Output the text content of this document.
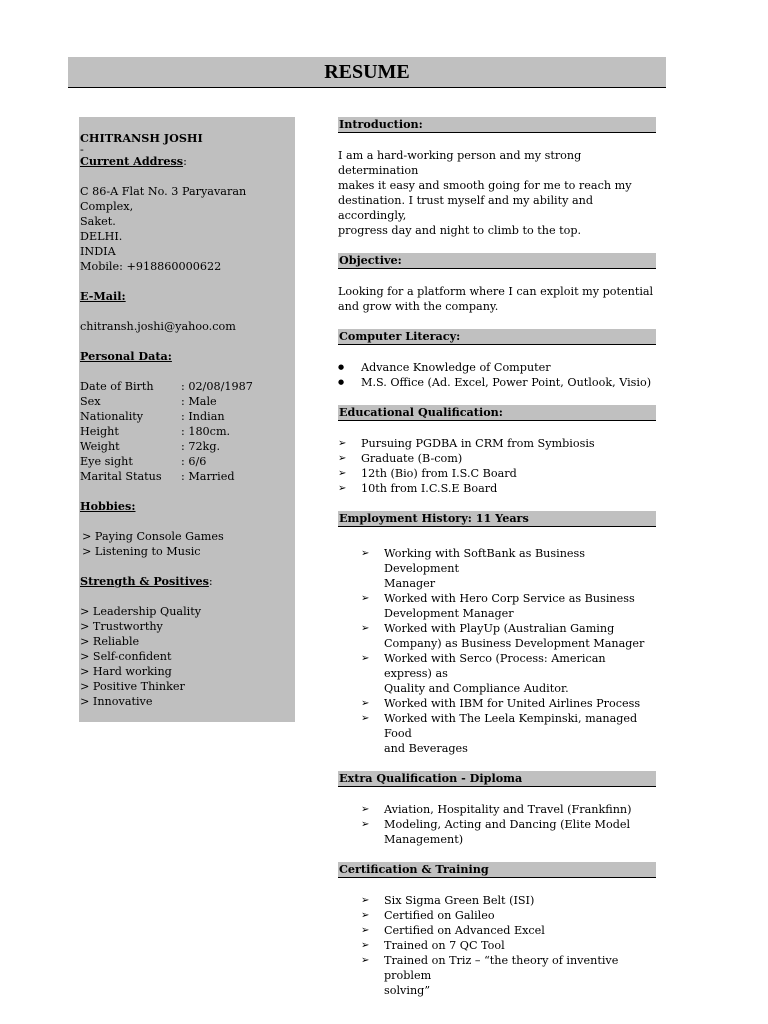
RESUME

CHITRANSH JOSHI

-

Current Address:

C 86-A Flat No. 3 Paryavaran Complex,

Saket.

DELHI.

INDIA

Mobile: +918860000622

E-Mail:

chitransh.joshi@yahoo.com

Personal Data:

Date of Birth	: 02/08/1987
Sex	: Male
Nationality	: Indian
Height	: 180cm.
Weight	: 72kg.
Eye sight	: 6/6
Marital Status	: Married

Hobbies:

> Paying Console Games

> Listening to Music

Strength & Positives:

> Leadership Quality

> Trustworthy

> Reliable

> Self-confident

> Hard working

> Positive Thinker

> Innovative

Introduction:

I am a hard-working person and my strong determination

makes it easy and smooth going for me to reach my

destination. I trust myself and my ability and accordingly,

progress day and night to climb to the top.

Objective:

Looking for a platform where I can exploit my potential

and grow with the company.

Computer Literacy:
● Advance Knowledge of Computer
● M.S. Office (Ad. Excel, Power Point, Outlook, Visio)
Educational Qualification:
➢ Pursuing PGDBA in CRM from Symbiosis
➢ Graduate (B-com)
➢ 12th (Bio) from I.S.C Board
➢ 10th from I.C.S.E Board
Employment History: 11 Years
➢ Working with SoftBank as Business Development
Manager
➢ Worked with Hero Corp Service as Business
Development Manager
➢ Worked with PlayUp (Australian Gaming
Company) as Business Development Manager
➢ Worked with Serco (Process: American express) as
Quality and Compliance Auditor.
➢ Worked with IBM for United Airlines Process
➢ Worked with The Leela Kempinski, managed Food
and Beverages
Extra Qualification - Diploma
➢ Aviation, Hospitality and Travel (Frankfinn)
➢ Modeling, Acting and Dancing (Elite Model
Management)
Certification & Training
➢ Six Sigma Green Belt (ISI)
➢ Certified on Galileo
➢ Certified on Advanced Excel
➢ Trained on 7 QC Tool
➢ Trained on Triz – “the theory of inventive problem
solving”
